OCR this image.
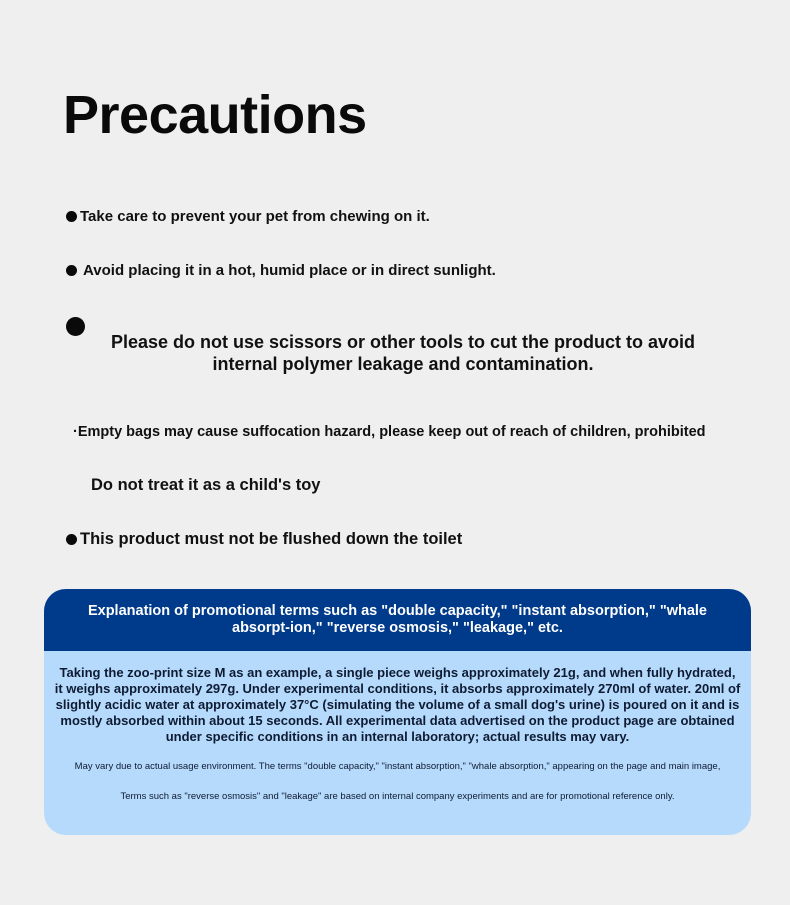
Precautions
Take care to prevent your pet from chewing on it.
Avoid placing it in a hot, humid place or in direct sunlight.
Please do not use scissors or other tools to cut the product to avoid internal polymer leakage and contamination.
·Empty bags may cause suffocation hazard, please keep out of reach of children, prohibited
Do not treat it as a child's toy
This product must not be flushed down the toilet
Explanation of promotional terms such as "double capacity," "instant absorption," "whale absorpt-ion," "reverse osmosis," "leakage," etc.
Taking the zoo-print size M as an example, a single piece weighs approximately 21g, and when fully hydrated, it weighs approximately 297g. Under experimental conditions, it absorbs approximately 270ml of water. 20ml of slightly acidic water at approximately 37°C (simulating the volume of a small dog's urine) is poured on it and is mostly absorbed within about 15 seconds. All experimental data advertised on the product page are obtained under specific conditions in an internal laboratory; actual results may vary.
May vary due to actual usage environment. The terms "double capacity," "instant absorption," "whale absorption," appearing on the page and main image,
Terms such as "reverse osmosis" and "leakage" are based on internal company experiments and are for promotional reference only.
